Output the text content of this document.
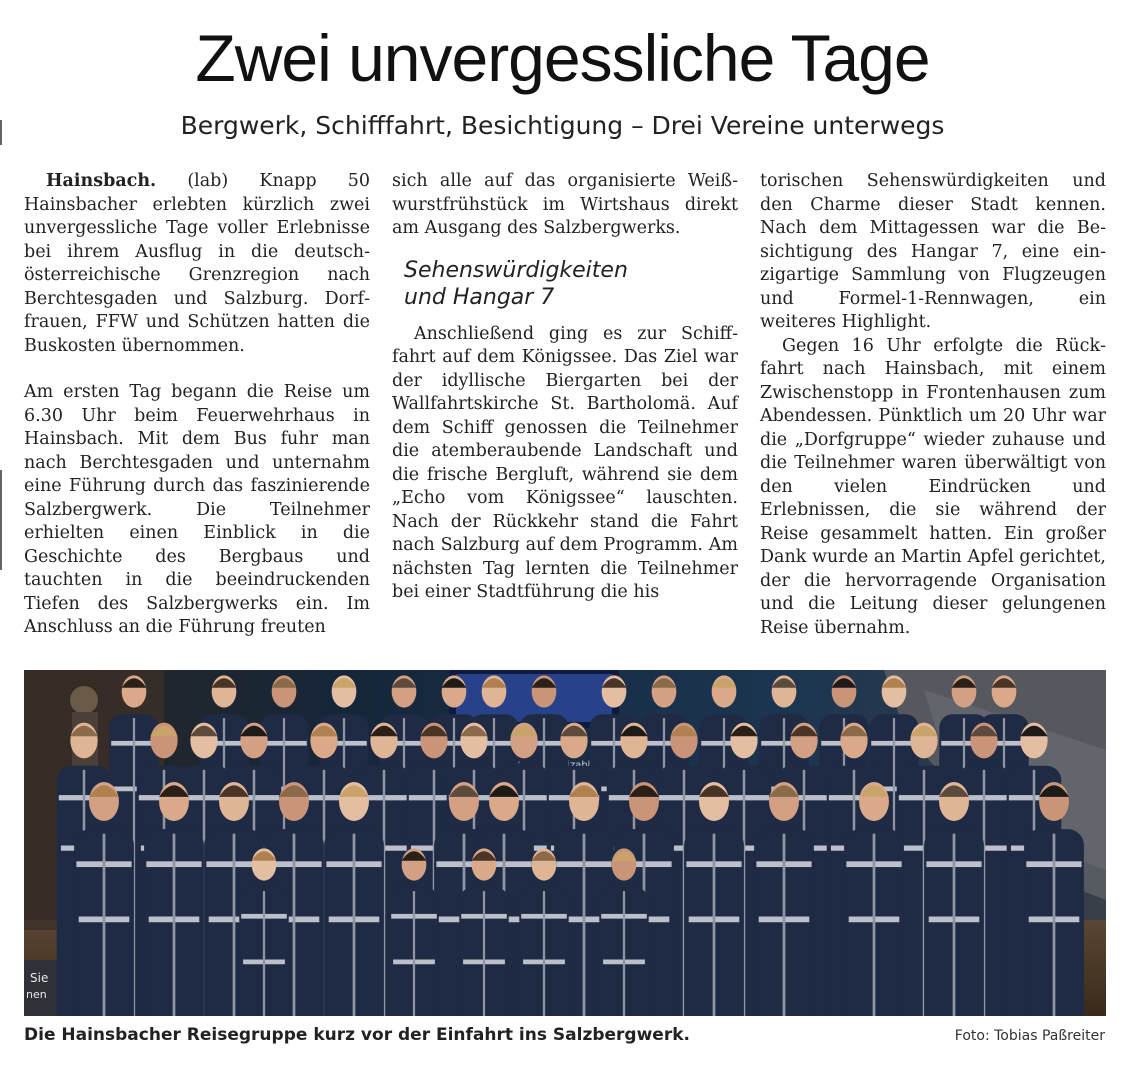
Zwei unvergessliche Tage
Bergwerk, Schifffahrt, Besichtigung – Drei Vereine unterwegs

Hainsbach. (lab) Knapp 50 Hainsbacher erlebten kürzlich zwei unvergessliche Tage voller Erlebnisse bei ihrem Ausflug in die deutsch-österreichische Grenzregion nach Berchtesgaden und Salzburg. Dorffrauen, FFW und Schützen hatten die Buskosten übernommen.

Am ersten Tag begann die Reise um 6.30 Uhr beim Feuerwehrhaus in Hainsbach. Mit dem Bus fuhr man nach Berchtesgaden und unternahm eine Führung durch das faszinierende Salzbergwerk. Die Teilnehmer erhielten einen Einblick in die Geschichte des Bergbaus und tauchten in die beeindruckenden Tiefen des Salzbergwerks ein. Im Anschluss an die Führung freuten

sich alle auf das organisierte Weißwurstfrühstück im Wirtshaus direkt am Ausgang des Salzbergwerks.

Sehenswürdigkeiten
und Hangar 7

Anschließend ging es zur Schifffahrt auf dem Königssee. Das Ziel war der idyllische Biergarten bei der Wallfahrtskirche St. Bartholomä. Auf dem Schiff genossen die Teilnehmer die atemberaubende Landschaft und die frische Bergluft, während sie dem „Echo vom Königssee“ lauschten. Nach der Rückkehr stand die Fahrt nach Salzburg auf dem Programm. Am nächsten Tag lernten die Teilnehmer bei einer Stadtführung die his

torischen Sehenswürdigkeiten und den Charme dieser Stadt kennen. Nach dem Mittagessen war die Besichtigung des Hangar 7, eine einzigartige Sammlung von Flugzeugen und Formel-1-Rennwagen, ein weiteres Highlight.

Gegen 16 Uhr erfolgte die Rückfahrt nach Hainsbach, mit einem Zwischenstopp in Frontenhausen zum Abendessen. Pünktlich um 20 Uhr war die „Dorfgruppe“ wieder zuhause und die Teilnehmer waren überwältigt von den vielen Eindrücken und Erlebnissen, die sie während der Reise gesammelt hatten. Ein großer Dank wurde an Martin Apfel gerichtet, der die hervorragende Organisation und die Leitung dieser gelungenen Reise übernahm.

Salzabba
Sie
nen
Die Hainsbacher Reisegruppe kurz vor der Einfahrt ins Salzbergwerk.	Foto: Tobias Paßreiter
